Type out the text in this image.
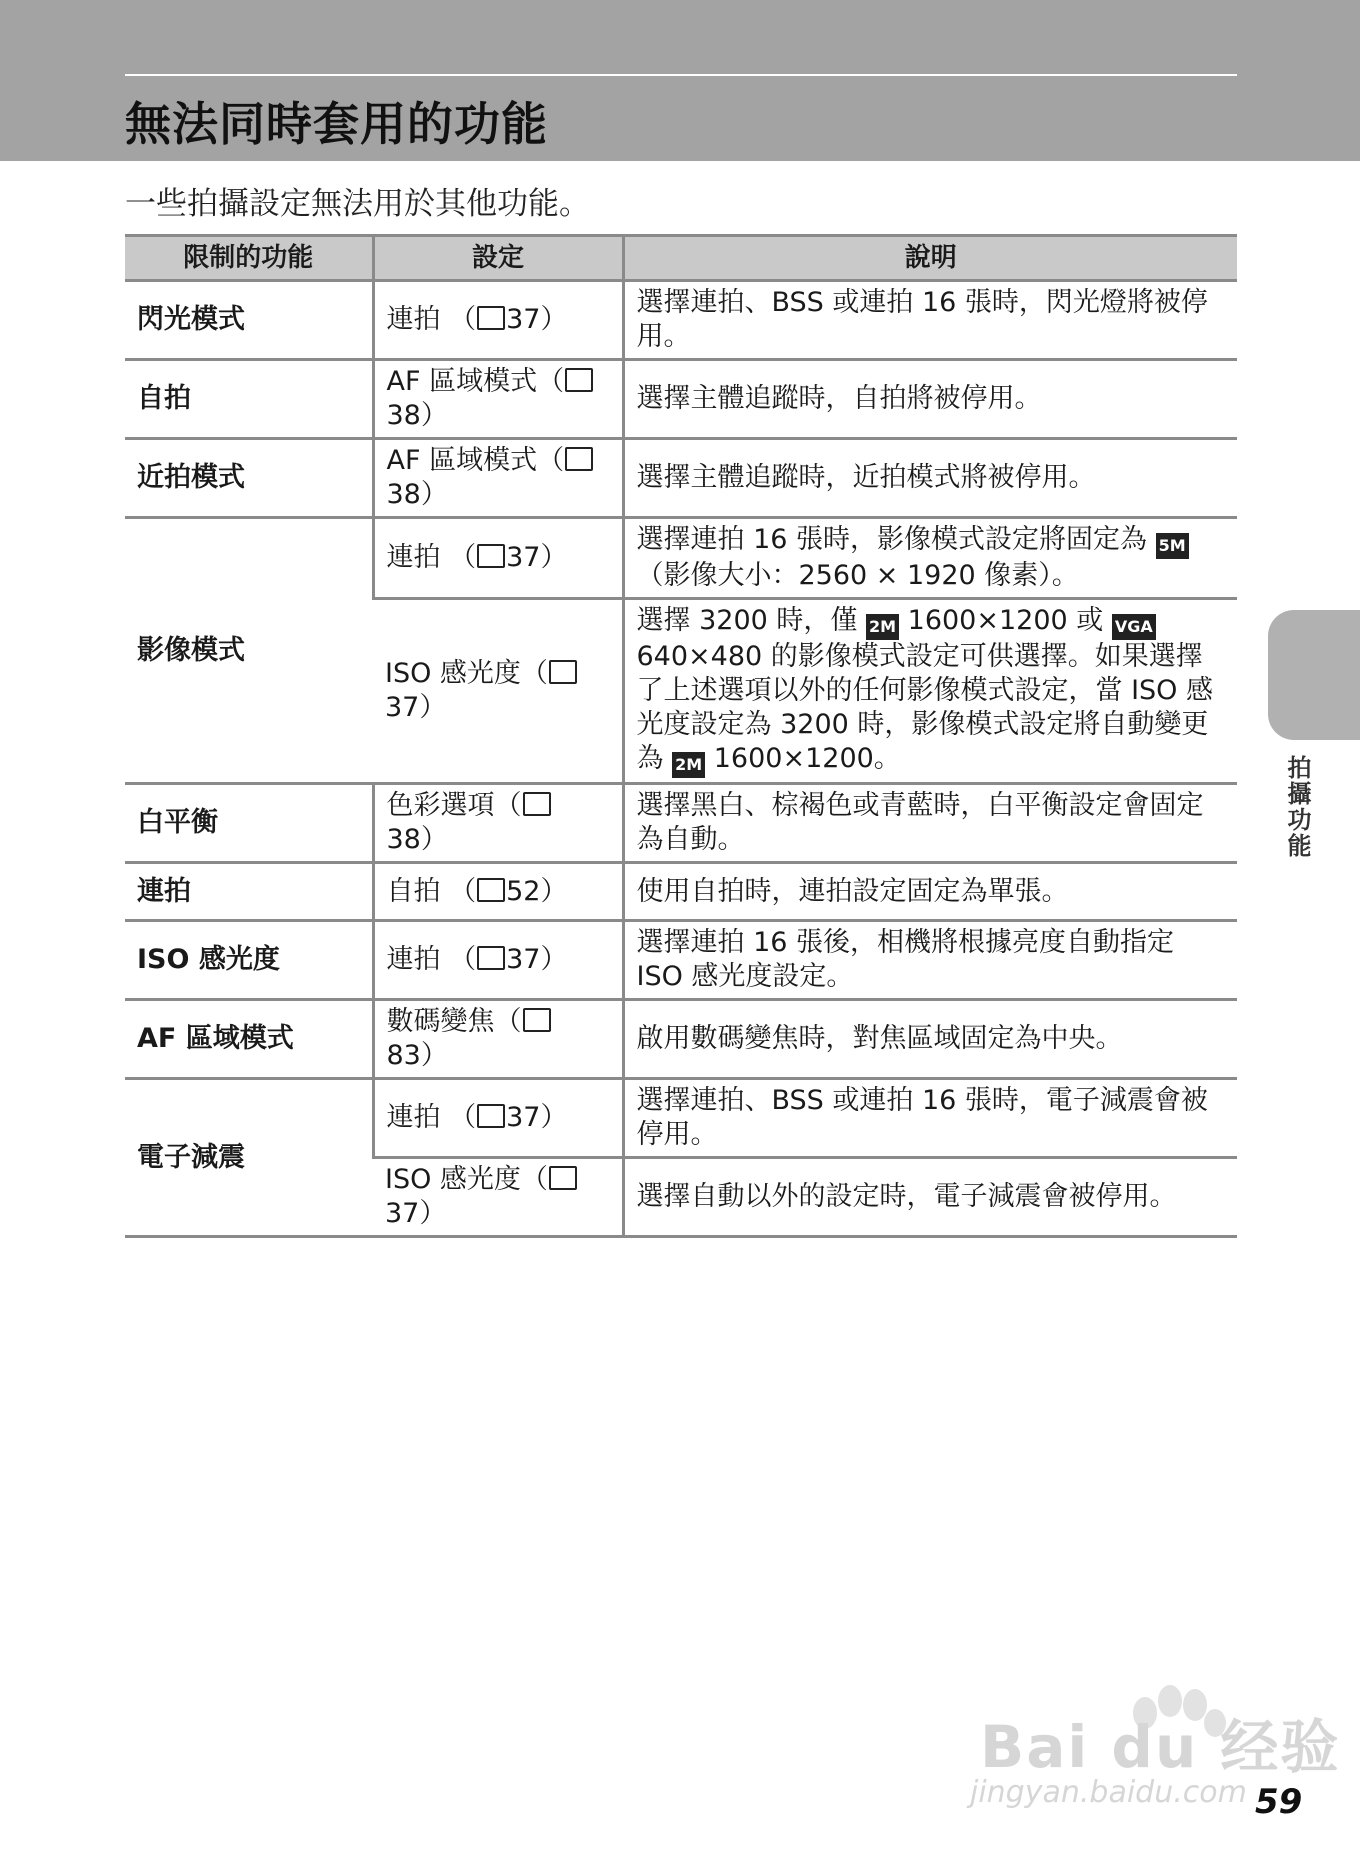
無法同時套用的功能

一些拍攝設定無法用於其他功能。

限制的功能	設定	說明
閃光模式	連拍 （ 37）	選擇連拍、BSS 或連拍 16 張時，閃光燈將被停用。
自拍	AF 區域模式（38）	選擇主體追蹤時，自拍將被停用。
近拍模式	AF 區域模式（38）	選擇主體追蹤時，近拍模式將被停用。
影像模式	連拍 （ 37）	選擇連拍 16 張時，影像模式設定將固定為 5M （影像大小：2560 × 1920 像素）。
	ISO 感光度（37）	選擇 3200 時，僅 2M 1600×1200 或 VGA 640×480 的影像模式設定可供選擇。如果選擇了上述選項以外的任何影像模式設定，當 ISO 感光度設定為 3200 時，影像模式設定將自動變更為 2M 1600×1200。
白平衡	色彩選項（38）	選擇黑白、棕褐色或青藍時，白平衡設定會固定為自動。
連拍	自拍 （ 52）	使用自拍時，連拍設定固定為單張。
ISO 感光度	連拍 （ 37）	選擇連拍 16 張後，相機將根據亮度自動指定 ISO 感光度設定。
AF 區域模式	數碼變焦（83）	啟用數碼變焦時，對焦區域固定為中央。
電子減震	連拍 （ 37）	選擇連拍、BSS 或連拍 16 張時，電子減震會被停用。
	ISO 感光度（37）	選擇自動以外的設定時，電子減震會被停用。
拍攝功能
Bai du 经验
jingyan.baidu.com 59
